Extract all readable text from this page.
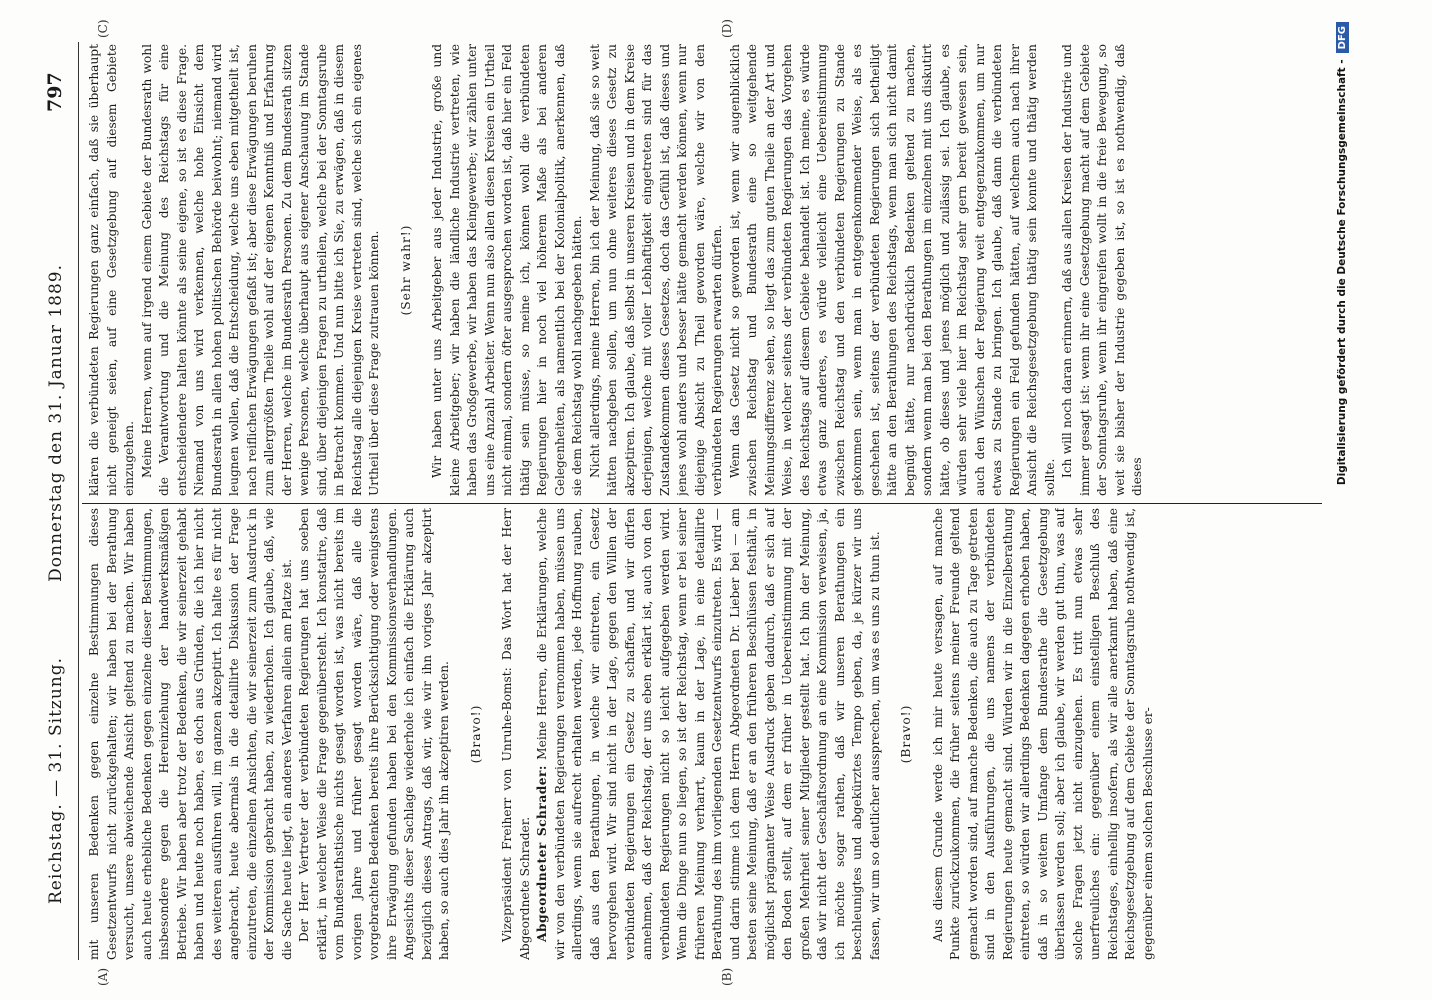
Reichstag. — 31. Sitzung.
Donnerstag den 31. Januar 1889.
797
(A)	(B)
(C)	(D)

mit unseren Bedenken gegen einzelne Bestimmungen dieses Gesetzentwurfs nicht zurückgehalten; wir haben bei der Berathung versucht, unsere abweichende Ansicht geltend zu machen. Wir haben auch heute erhebliche Bedenken gegen einzelne dieser Bestimmungen, insbesondere gegen die Hereinziehung der handwerksmäßigen Betriebe. Wir haben aber trotz der Bedenken, die wir seinerzeit gehabt haben und heute noch haben, es doch aus Gründen, die ich hier nicht des weiteren ausführen will, im ganzen akzeptirt. Ich halte es für nicht angebracht, heute abermals in die detaillirte Diskussion der Frage einzutreten, die einzelnen Ansichten, die wir seinerzeit zum Ausdruck in der Kommission gebracht haben, zu wiederholen. Ich glaube, daß, wie die Sache heute liegt, ein anderes Verfahren allein am Platze ist. Der Herr Vertreter der verbündeten Regierungen hat uns soeben erklärt, in welcher Weise die Frage gegenübersteht. Ich konstatire, daß vom Bundesrathstische nichts gesagt worden ist, was nicht bereits im vorigen Jahre und früher gesagt worden wäre, daß alle die vorgebrachten Bedenken bereits ihre Berücksichtigung oder wenigstens ihre Erwägung gefunden haben bei den Kommissionsverhandlungen. Angesichts dieser Sachlage wiederhole ich einfach die Erklärung auch bezüglich dieses Antrags, daß wir, wie wir ihn voriges Jahr akzeptirt haben, so auch dies Jahr ihn akzeptiren werden. (Bravo!) Vizepräsident Freiherr von Unruhe-Bomst: Das Wort hat der Herr Abgeordnete Schrader. Abgeordneter Schrader: Meine Herren, die Erklärungen, welche wir von den verbündeten Regierungen vernommen haben, müssen uns allerdings, wenn sie aufrecht erhalten werden, jede Hoffnung rauben, daß aus den Berathungen, in welche wir eintreten, ein Gesetz hervorgehen wird. Wir sind nicht in der Lage, gegen den Willen der verbündeten Regierungen ein Gesetz zu schaffen, und wir dürfen annehmen, daß der Reichstag, der uns eben erklärt ist, auch von den verbündeten Regierungen nicht so leicht aufgegeben werden wird. Wenn die Dinge nun so liegen, so ist der Reichstag, wenn er bei seiner früheren Meinung verharrt, kaum in der Lage, in eine detaillirte Berathung des ihm vorliegenden Gesetzentwurfs einzutreten. Es wird — und darin stimme ich dem Herrn Abgeordneten Dr. Lieber bei — am besten seine Meinung, daß er an den früheren Beschlüssen festhält, in möglichst prägnanter Weise Ausdruck geben dadurch, daß er sich auf den Boden stellt, auf dem er früher in Uebereinstimmung mit der großen Mehrheit seiner Mitglieder gestellt hat. Ich bin der Meinung, daß wir nicht der Geschäftsordnung an eine Kommission verweisen, ja, ich möchte sogar rathen, daß wir unseren Berathungen ein beschleunigtes und abgekürztes Tempo geben, da, je kürzer wir uns fassen, wir um so deutlicher aussprechen, um was es uns zu thun ist. (Bravo!) Aus diesem Grunde werde ich mir heute versagen, auf manche Punkte zurückzukommen, die früher seitens meiner Freunde geltend gemacht worden sind, auf manche Bedenken, die auch zu Tage getreten sind in den Ausführungen, die uns namens der verbündeten Regierungen heute gemacht sind. Würden wir in die Einzelberathung eintreten, so würden wir allerdings Bedenken dagegen erhoben haben, daß in so weitem Umfange dem Bundesrathe die Gesetzgebung überlassen werden soll; aber ich glaube, wir werden gut thun, was auf solche Fragen jetzt nicht einzugehen. Es tritt nun etwas sehr unerfreuliches ein: gegenüber einem einstelligen Beschluß des Reichstages, einhellig insofern, als wir alle anerkannt haben, daß eine Reichsgesetzgebung auf dem Gebiete der Sonntagsruhe nothwendig ist, gegenüber einem solchen Beschlusse er-

klären die verbündeten Regierungen ganz einfach, daß sie überhaupt nicht geneigt seien, auf eine Gesetzgebung auf diesem Gebiete einzugehen. Meine Herren, wenn auf irgend einem Gebiete der Bundesrath wohl die Verantwortung und die Meinung des Reichstags für eine entscheidendere halten könnte als seine eigene, so ist es diese Frage. Niemand von uns wird verkennen, welche hohe Einsicht dem Bundesrath in allen hohen politischen Behörde beiwohnt; niemand wird leugnen wollen, daß die Entscheidung, welche uns eben mitgetheilt ist, nach reiflichen Erwägungen gefaßt ist; aber diese Erwägungen beruhen zum allergrößten Theile wohl auf der eigenen Kenntniß und Erfahrung der Herren, welche im Bundesrath Personen. Zu dem Bundesrath sitzen wenige Personen, welche überhaupt aus eigener Anschauung im Stande sind, über diejenigen Fragen zu urtheilen, welche bei der Sonntagsruhe in Betracht kommen. Und nun bitte ich Sie, zu erwägen, daß in diesem Reichstag alle diejenigen Kreise vertreten sind, welche sich ein eigenes Urtheil über diese Frage zutrauen können. (Sehr wahr!) Wir haben unter uns Arbeitgeber aus jeder Industrie, große und kleine Arbeitgeber; wir haben die ländliche Industrie vertreten, wie haben das Großgewerbe, wir haben das Kleingewerbe; wir zählen unter uns eine Anzahl Arbeiter. Wenn nun also allen diesen Kreisen ein Urtheil nicht einmal, sondern öfter ausgesprochen worden ist, daß hier ein Feld thätig sein müsse, so meine ich, können wohl die verbündeten Regierungen hier in noch viel höherem Maße als bei anderen Gelegenheiten, als namentlich bei der Kolonialpolitik, anerkennen, daß sie dem Reichstag wohl nachgegeben hätten. Nicht allerdings, meine Herren, bin ich der Meinung, daß sie so weit hätten nachgeben sollen, um nun ohne weiteres dieses Gesetz zu akzeptiren. Ich glaube, daß selbst in unseren Kreisen und in dem Kreise derjenigen, welche mit voller Lebhaftigkeit eingetreten sind für das Zustandekommen dieses Gesetzes, doch das Gefühl ist, daß dieses und jenes wohl anders und besser hätte gemacht werden können, wenn nur diejenige Absicht zu Theil geworden wäre, welche wir von den verbündeten Regierungen erwarten dürfen. Wenn das Gesetz nicht so geworden ist, wenn wir augenblicklich zwischen Reichstag und Bundesrath eine so weitgehende Meinungsdifferenz sehen, so liegt das zum guten Theile an der Art und Weise, in welcher seitens der verbündeten Regierungen das Vorgehen des Reichstags auf diesem Gebiete behandelt ist. Ich meine, es würde etwas ganz anderes, es würde vielleicht eine Uebereinstimmung zwischen Reichstag und den verbündeten Regierungen zu Stande gekommen sein, wenn man in entgegenkommender Weise, als es geschehen ist, seitens der verbündeten Regierungen sich betheiligt hätte an den Berathungen des Reichstags, wenn man sich nicht damit begnügt hätte, nur nachdrücklich Bedenken geltend zu machen, sondern wenn man bei den Berathungen im einzelnen mit uns diskutirt hätte, ob dieses und jenes möglich und zulässig sei. Ich glaube, es würden sehr viele hier im Reichstag sehr gern bereit gewesen sein, auch den Wünschen der Regierung weit entgegenzukommen, um nur etwas zu Stande zu bringen. Ich glaube, daß dann die verbündeten Regierungen ein Feld gefunden hätten, auf welchem auch nach ihrer Ansicht die Reichsgesetzgebung thätig sein konnte und thätig werden sollte. Ich will noch daran erinnern, daß aus allen Kreisen der Industrie und immer gesagt ist: wenn ihr eine Gesetzgebung macht auf dem Gebiete der Sonntagsruhe, wenn ihr eingreifen wollt in die freie Bewegung, so weit sie bisher der Industrie gegeben ist, so ist es nothwendig, daß dieses	Digitalisierung gefördert durch die Deutsche Forschungsgemeinschaft -DFG
